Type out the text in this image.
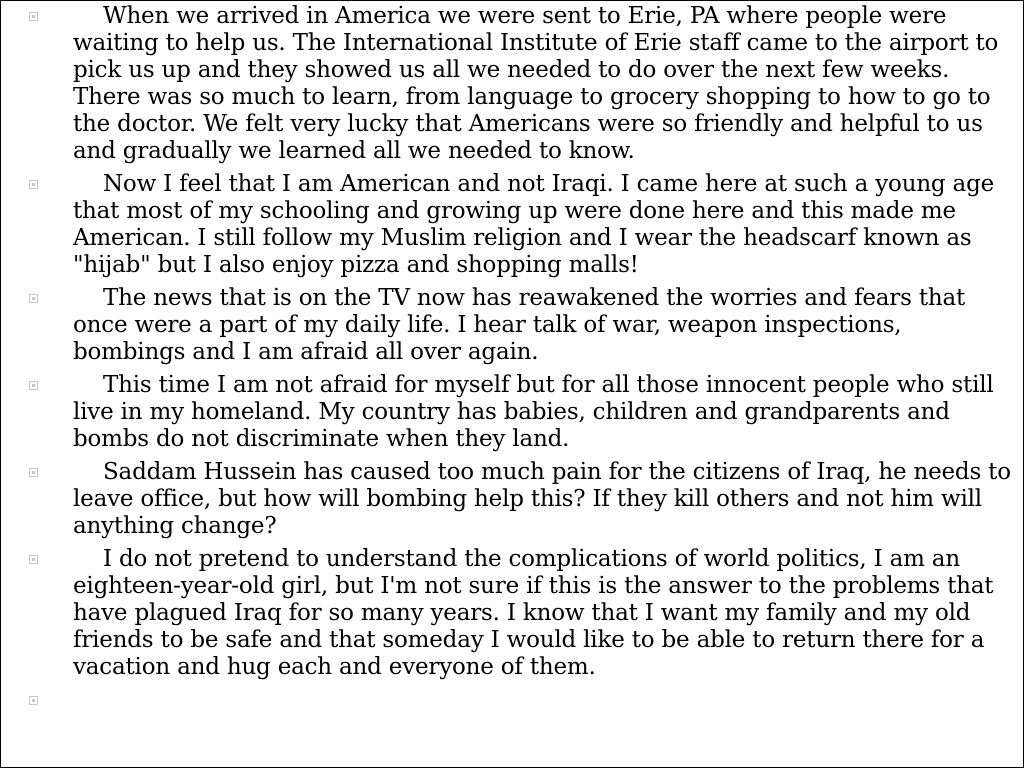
When we arrived in America we were sent to Erie, PA where people were waiting to help us. The International Institute of Erie staff came to the airport to pick us up and they showed us all we needed to do over the next few weeks. There was so much to learn, from language to grocery shopping to how to go to the doctor. We felt very lucky that Americans were so friendly and helpful to us and gradually we learned all we needed to know.

Now I feel that I am American and not Iraqi. I came here at such a young age that most of my schooling and growing up were done here and this made me American. I still follow my Muslim religion and I wear the headscarf known as "hijab" but I also enjoy pizza and shopping malls!

The news that is on the TV now has reawakened the worries and fears that once were a part of my daily life. I hear talk of war, weapon inspections, bombings and I am afraid all over again.

This time I am not afraid for myself but for all those innocent people who still live in my homeland. My country has babies, children and grandparents and bombs do not discriminate when they land.

Saddam Hussein has caused too much pain for the citizens of Iraq, he needs to leave office, but how will bombing help this? If they kill others and not him will anything change?

I do not pretend to understand the complications of world politics, I am an eighteen-year-old girl, but I'm not sure if this is the answer to the problems that have plagued Iraq for so many years. I know that I want my family and my old friends to be safe and that someday I would like to be able to return there for a vacation and hug each and everyone of them.
